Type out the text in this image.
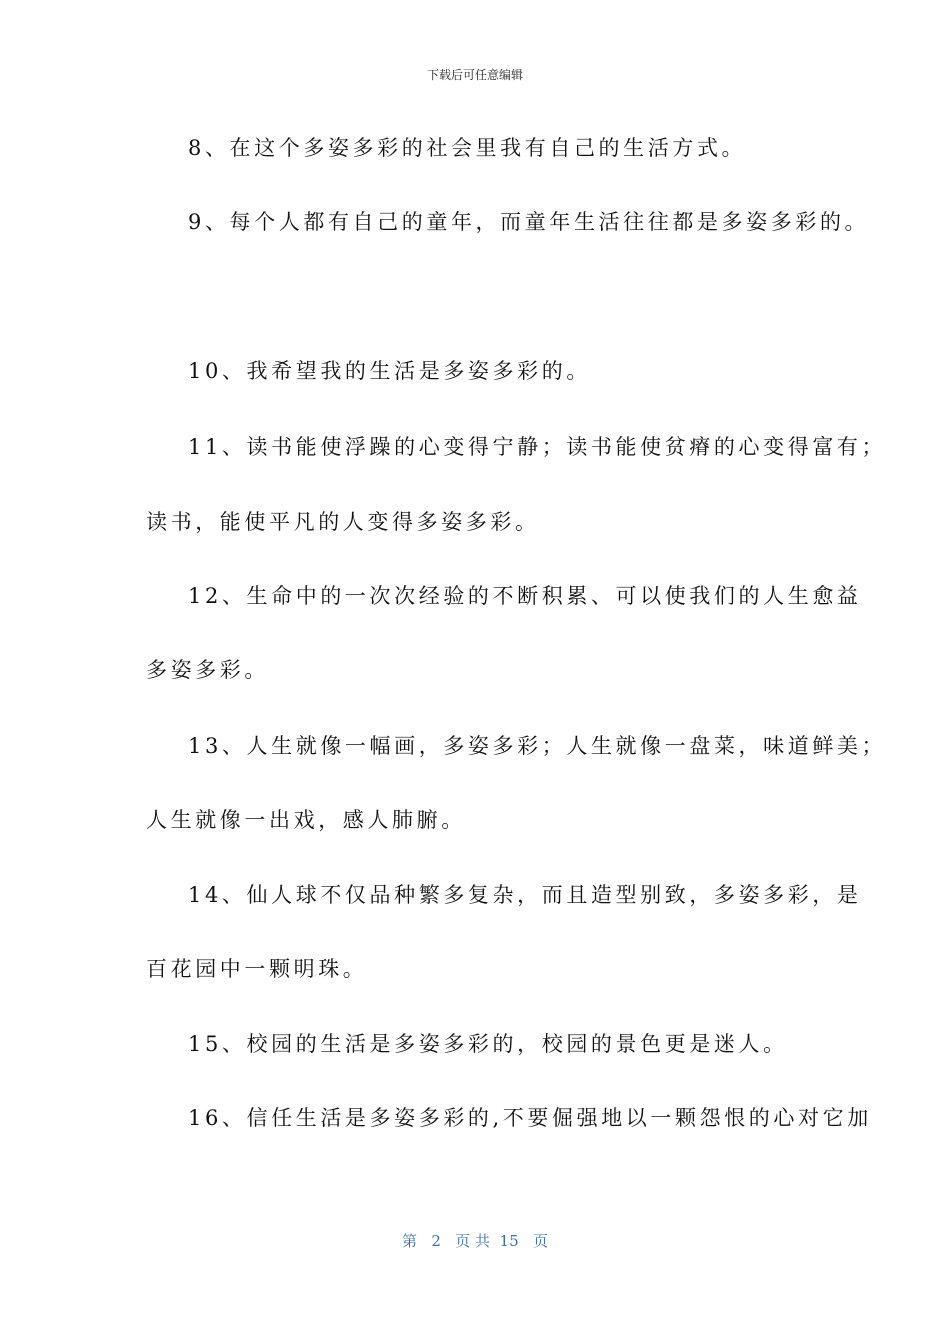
下载后可任意编辑
8、在这个多姿多彩的社会里我有自己的生活方式。
9、每个人都有自己的童年，而童年生活往往都是多姿多彩的。
10、我希望我的生活是多姿多彩的。
11、读书能使浮躁的心变得宁静；读书能使贫瘠的心变得富有；
读书，能使平凡的人变得多姿多彩。
12、生命中的一次次经验的不断积累、可以使我们的人生愈益
多姿多彩。
13、人生就像一幅画，多姿多彩；人生就像一盘菜，味道鲜美；
人生就像一出戏，感人肺腑。
14、仙人球不仅品种繁多复杂，而且造型别致，多姿多彩，是
百花园中一颗明珠。
15、校园的生活是多姿多彩的，校园的景色更是迷人。
16、信任生活是多姿多彩的,不要倔强地以一颗怨恨的心对它加
第 2 页 共 15 页
